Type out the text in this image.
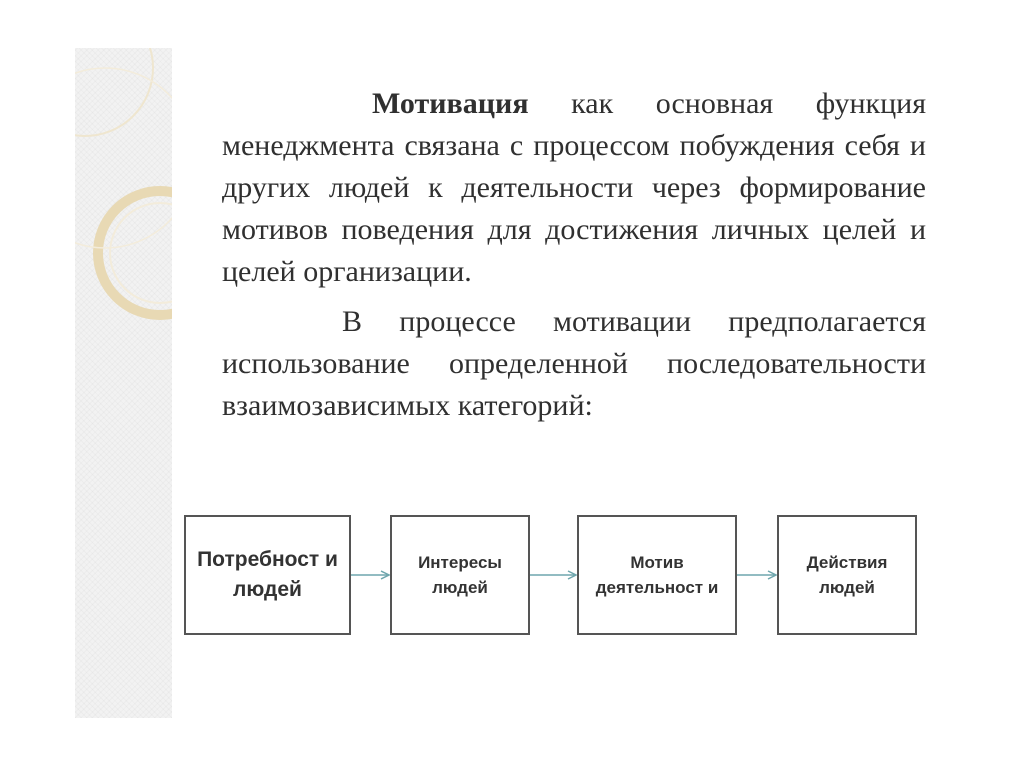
Мотивация как основная функция менеджмента связана с процессом побуждения себя и других людей к деятельности через формирование мотивов поведения для достижения личных целей и целей организации.

В процессе мотивации предполагается использование определенной последовательности взаимозависимых категорий:

Потребност и людей
Интересы людей
Мотив деятельност и
Действия людей
